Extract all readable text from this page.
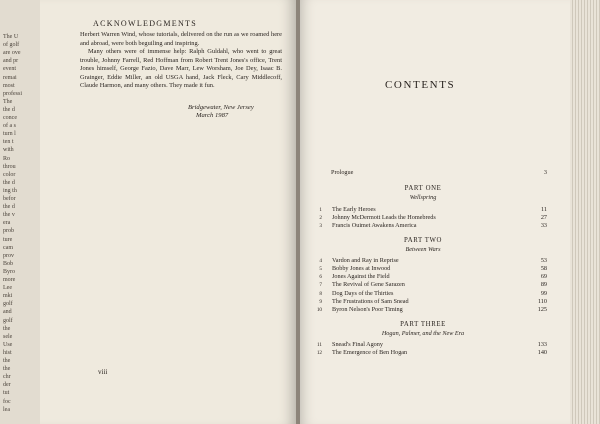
The U
of golf
are ove
and pr
event
remai
most
professi
The
the d
conce
of a s
turn l
ten t
with
Ro
throu
color
the d
ing th
befor
the d
the v
era
prob
ture
cam
prov
Bob
Byro
more
Lee
mki
golf
and
golf
the
sele
Use
hist
the
the
chr
der
tut
foc
lea
ACKNOWLEDGMENTS

Herbert Warren Wind, whose tutorials, delivered on the run as we roamed here and abroad, were both beguiling and inspiring.

Many others were of immense help: Ralph Guldahl, who went to great trouble, Johnny Farrell, Red Hoffman from Robert Trent Jones's office, Trent Jones himself, George Fazio, Dave Marr, Lew Worsham, Joe Dey, Isaac B. Grainger, Eddie Miller, an old USGA hand, Jack Fleck, Cary Middlecoff, Claude Harmon, and many others. They made it fun.

Bridgewater, New Jersey
March 1987
viii
CONTENTS
Prologue	3
PART ONE
Wellspring
1 The Early Heroes	11
2 Johnny McDermott Leads the Homebreds	27
3 Francis Ouimet Awakens America	33
PART TWO
Between Wars
4 Vardon and Ray in Reprise	53
5 Bobby Jones at Inwood	58
6 Jones Against the Field	69
7 The Revival of Gene Sarazen	89
8 Dog Days of the Thirties	99
9 The Frustrations of Sam Snead	110
10 Byron Nelson's Poor Timing	125
PART THREE
Hogan, Palmer, and the New Era
11 Snead's Final Agony	133
12 The Emergence of Ben Hogan	140
